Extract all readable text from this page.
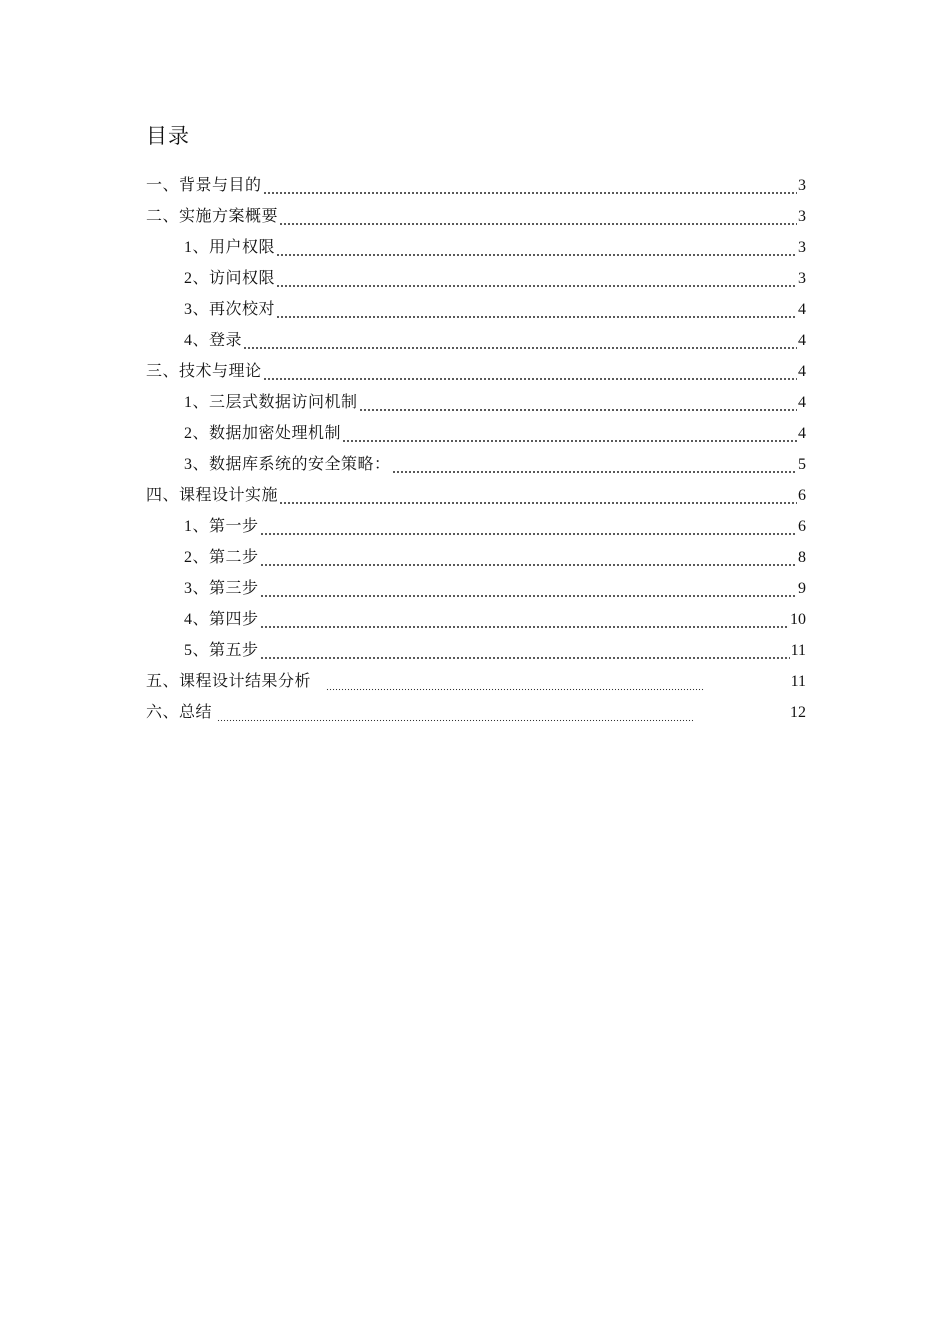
目录
一、背景与目的	3
二、实施方案概要	3
1、用户权限	3
2、访问权限	3
3、再次校对	4
4、登录	4
三、技术与理论	4
1、三层式数据访问机制	4
2、数据加密处理机制	4
3、数据库系统的安全策略：	5
四、课程设计实施	6
1、第一步	6
2、第二步	8
3、第三步	9
4、第四步	10
5、第五步	11
五、课程设计结果分析	11
六、总结	12
